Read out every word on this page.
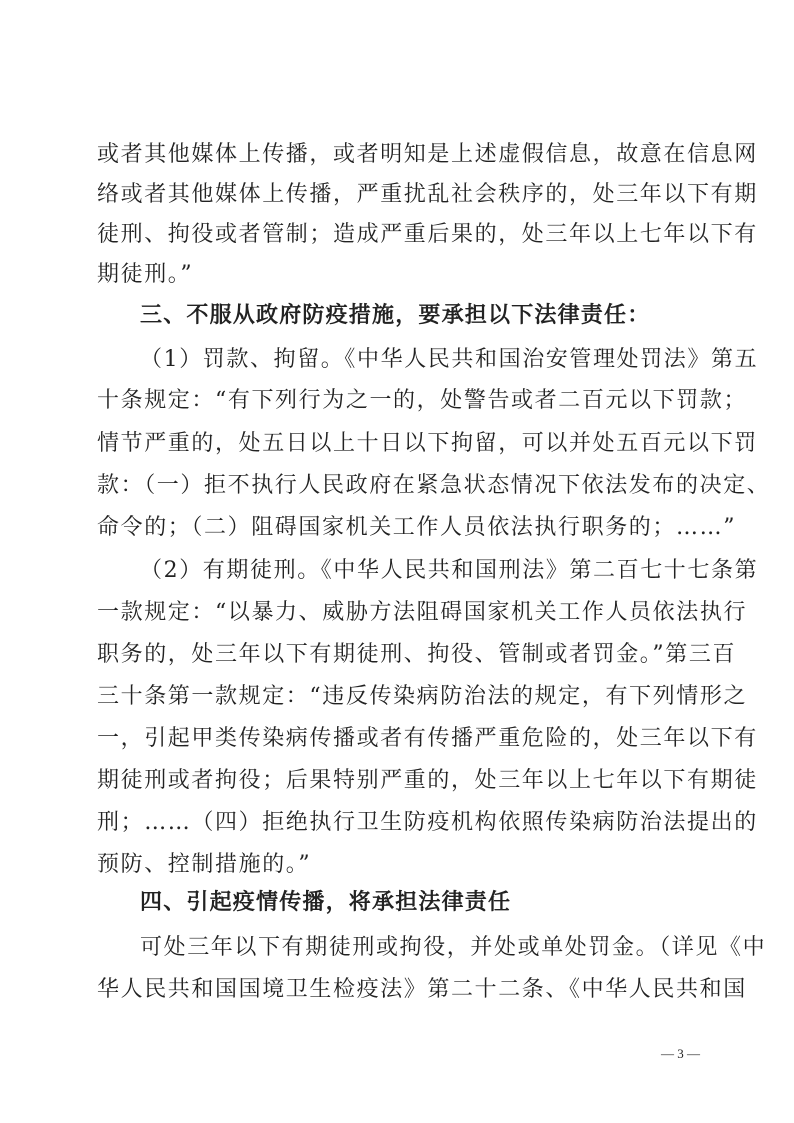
或者其他媒体上传播，或者明知是上述虚假信息，故意在信息网
络或者其他媒体上传播，严重扰乱社会秩序的，处三年以下有期
徒刑、拘役或者管制；造成严重后果的，处三年以上七年以下有
期徒刑。”
三、不服从政府防疫措施，要承担以下法律责任：
（1）罚款、拘留。《中华人民共和国治安管理处罚法》第五
十条规定：“有下列行为之一的，处警告或者二百元以下罚款；
情节严重的，处五日以上十日以下拘留，可以并处五百元以下罚
款：（一）拒不执行人民政府在紧急状态情况下依法发布的决定、
命令的；（二）阻碍国家机关工作人员依法执行职务的；……”
（2）有期徒刑。《中华人民共和国刑法》第二百七十七条第
一款规定：“以暴力、威胁方法阻碍国家机关工作人员依法执行
职务的，处三年以下有期徒刑、拘役、管制或者罚金。”第三百
三十条第一款规定：“违反传染病防治法的规定，有下列情形之
一，引起甲类传染病传播或者有传播严重危险的，处三年以下有
期徒刑或者拘役；后果特别严重的，处三年以上七年以下有期徒
刑；……（四）拒绝执行卫生防疫机构依照传染病防治法提出的
预防、控制措施的。”
四、引起疫情传播，将承担法律责任
可处三年以下有期徒刑或拘役，并处或单处罚金。（详见《中
华人民共和国国境卫生检疫法》第二十二条、《中华人民共和国
— 3 —
